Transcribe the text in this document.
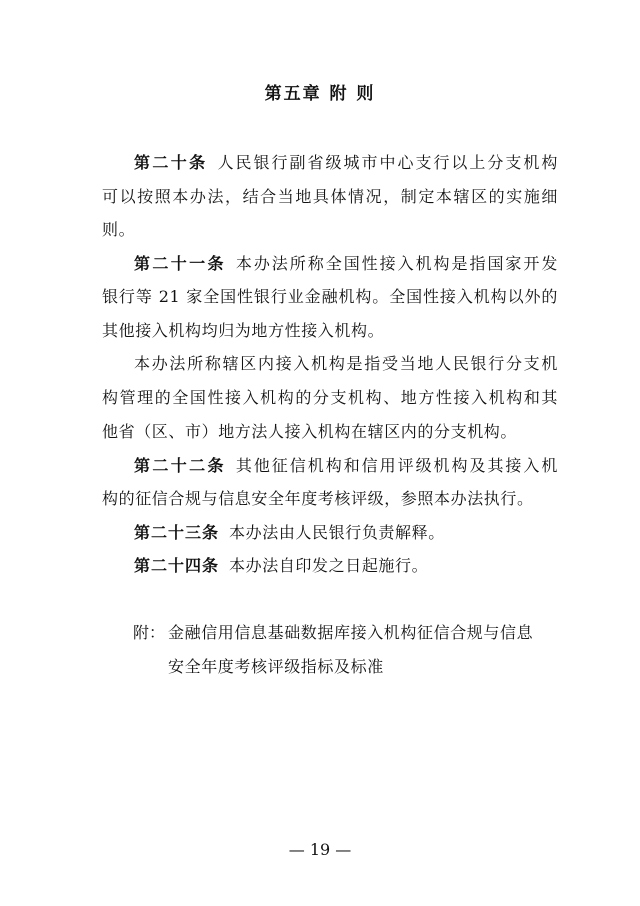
第五章 附 则
第二十条 人民银行副省级城市中心支行以上分支机构
可以按照本办法，结合当地具体情况，制定本辖区的实施细
则。
第二十一条 本办法所称全国性接入机构是指国家开发
银行等 21 家全国性银行业金融机构。全国性接入机构以外的
其他接入机构均归为地方性接入机构。
本办法所称辖区内接入机构是指受当地人民银行分支机
构管理的全国性接入机构的分支机构、地方性接入机构和其
他省（区、市）地方法人接入机构在辖区内的分支机构。
第二十二条 其他征信机构和信用评级机构及其接入机
构的征信合规与信息安全年度考核评级，参照本办法执行。
第二十三条 本办法由人民银行负责解释。
第二十四条 本办法自印发之日起施行。
附： 金融信用信息基础数据库接入机构征信合规与信息
安全年度考核评级指标及标准
— 19 —
